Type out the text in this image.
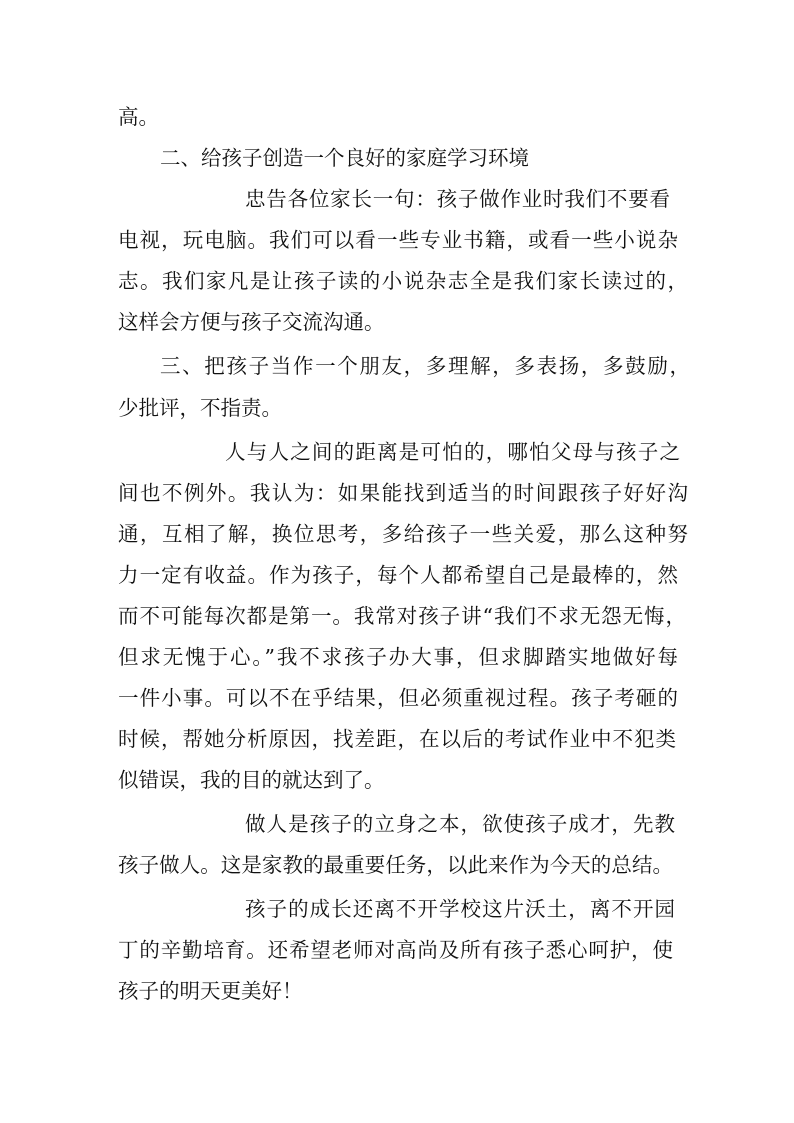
高。
二、给孩子创造一个良好的家庭学习环境
忠告各位家长一句：孩子做作业时我们不要看
电视，玩电脑。我们可以看一些专业书籍，或看一些小说杂
志。我们家凡是让孩子读的小说杂志全是我们家长读过的，
这样会方便与孩子交流沟通。
三、把孩子当作一个朋友，多理解，多表扬，多鼓励，
少批评，不指责。
人与人之间的距离是可怕的，哪怕父母与孩子之
间也不例外。我认为：如果能找到适当的时间跟孩子好好沟
通，互相了解，换位思考，多给孩子一些关爱，那么这种努
力一定有收益。作为孩子，每个人都希望自己是最棒的，然
而不可能每次都是第一。我常对孩子讲“我们不求无怨无悔，
但求无愧于心。”我不求孩子办大事，但求脚踏实地做好每
一件小事。可以不在乎结果，但必须重视过程。孩子考砸的
时候，帮她分析原因，找差距，在以后的考试作业中不犯类
似错误，我的目的就达到了。
做人是孩子的立身之本，欲使孩子成才，先教
孩子做人。这是家教的最重要任务，以此来作为今天的总结。
孩子的成长还离不开学校这片沃土，离不开园
丁的辛勤培育。还希望老师对高尚及所有孩子悉心呵护，使
孩子的明天更美好！
